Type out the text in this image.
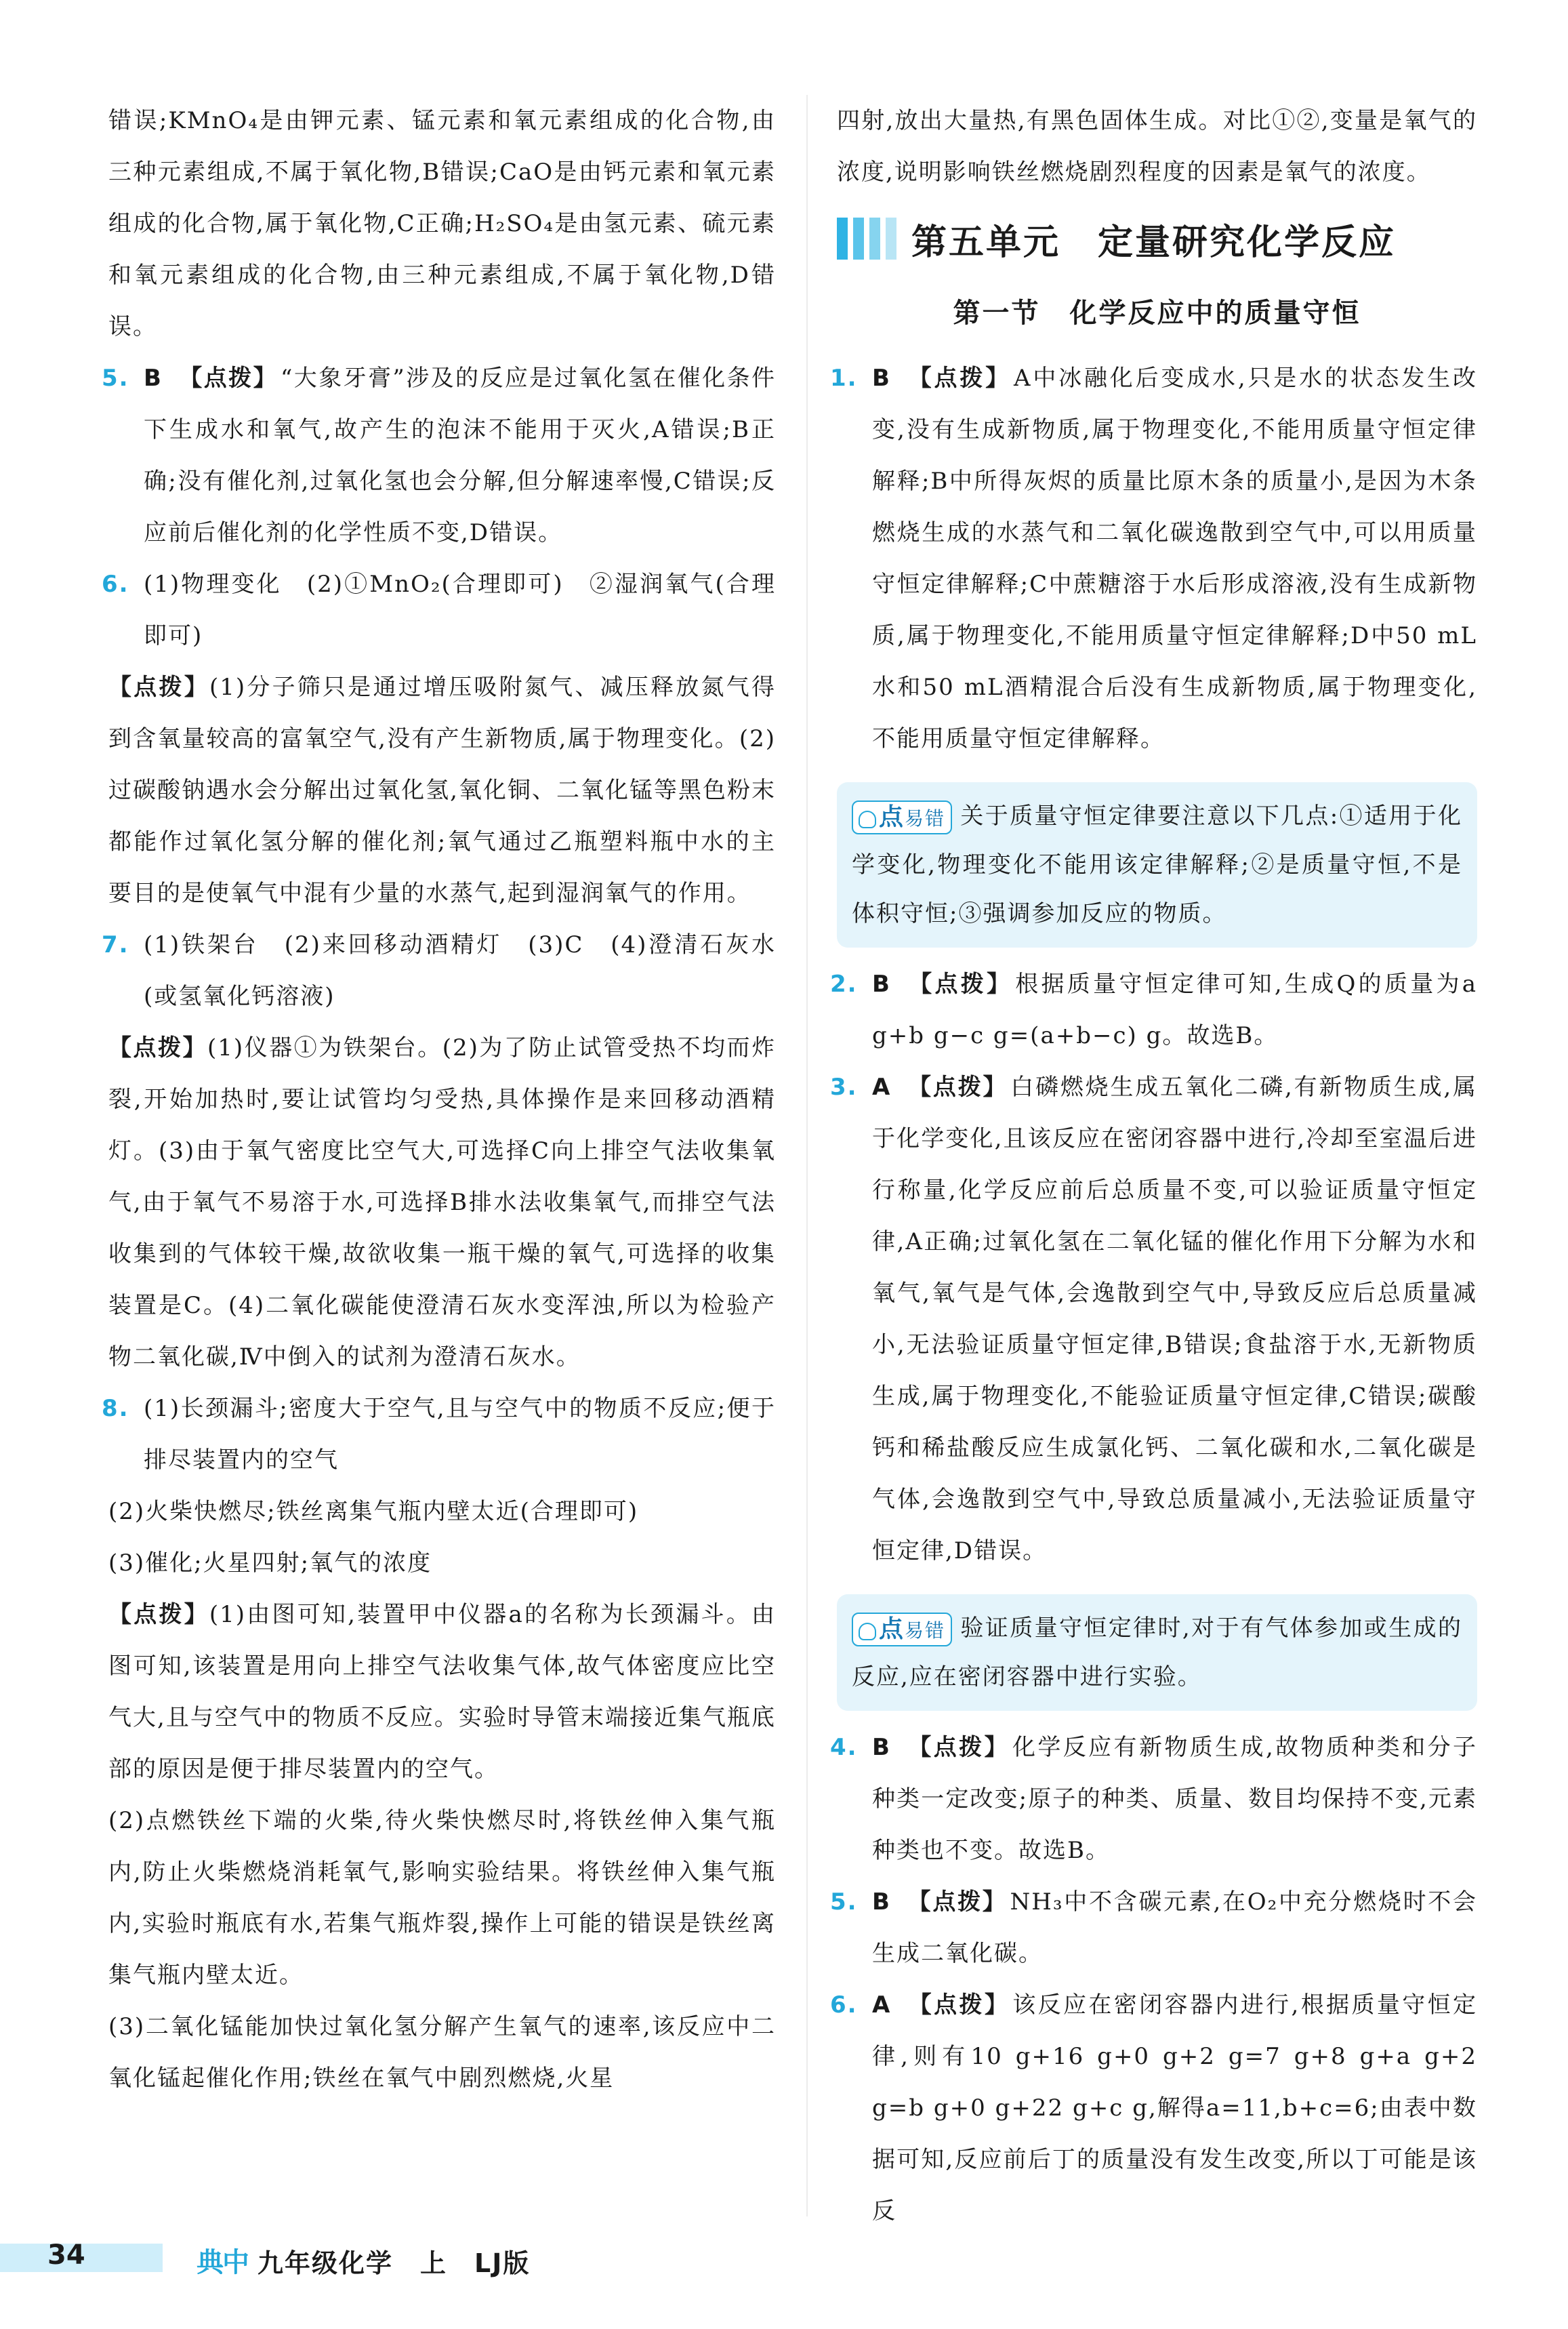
错误;KMnO₄是由钾元素、锰元素和氧元素组成的化合物,由三种元素组成,不属于氧化物,B错误;CaO是由钙元素和氧元素组成的化合物,属于氧化物,C正确;H₂SO₄是由氢元素、硫元素和氧元素组成的化合物,由三种元素组成,不属于氧化物,D错误。

5. B 【点拨】 “大象牙膏”涉及的反应是过氧化氢在催化条件下生成水和氧气,故产生的泡沫不能用于灭火,A错误;B正确;没有催化剂,过氧化氢也会分解,但分解速率慢,C错误;反应前后催化剂的化学性质不变,D错误。
6. (1)物理变化　(2)①MnO₂(合理即可)　②湿润氧气(合理即可)

【点拨】(1)分子筛只是通过增压吸附氮气、减压释放氮气得到含氧量较高的富氧空气,没有产生新物质,属于物理变化。(2)过碳酸钠遇水会分解出过氧化氢,氧化铜、二氧化锰等黑色粉末都能作过氧化氢分解的催化剂;氧气通过乙瓶塑料瓶中水的主要目的是使氧气中混有少量的水蒸气,起到湿润氧气的作用。

7. (1)铁架台　(2)来回移动酒精灯　(3)C　(4)澄清石灰水(或氢氧化钙溶液)

【点拨】(1)仪器①为铁架台。(2)为了防止试管受热不均而炸裂,开始加热时,要让试管均匀受热,具体操作是来回移动酒精灯。(3)由于氧气密度比空气大,可选择C向上排空气法收集氧气,由于氧气不易溶于水,可选择B排水法收集氧气,而排空气法收集到的气体较干燥,故欲收集一瓶干燥的氧气,可选择的收集装置是C。(4)二氧化碳能使澄清石灰水变浑浊,所以为检验产物二氧化碳,Ⅳ中倒入的试剂为澄清石灰水。

8. (1)长颈漏斗;密度大于空气,且与空气中的物质不反应;便于排尽装置内的空气

(2)火柴快燃尽;铁丝离集气瓶内壁太近(合理即可)

(3)催化;火星四射;氧气的浓度

【点拨】(1)由图可知,装置甲中仪器a的名称为长颈漏斗。由图可知,该装置是用向上排空气法收集气体,故气体密度应比空气大,且与空气中的物质不反应。实验时导管末端接近集气瓶底部的原因是便于排尽装置内的空气。

(2)点燃铁丝下端的火柴,待火柴快燃尽时,将铁丝伸入集气瓶内,防止火柴燃烧消耗氧气,影响实验结果。将铁丝伸入集气瓶内,实验时瓶底有水,若集气瓶炸裂,操作上可能的错误是铁丝离集气瓶内壁太近。

(3)二氧化锰能加快过氧化氢分解产生氧气的速率,该反应中二氧化锰起催化作用;铁丝在氧气中剧烈燃烧,火星

四射,放出大量热,有黑色固体生成。对比①②,变量是氧气的浓度,说明影响铁丝燃烧剧烈程度的因素是氧气的浓度。

第五单元　定量研究化学反应

第一节　化学反应中的质量守恒

1. B 【点拨】 A中冰融化后变成水,只是水的状态发生改变,没有生成新物质,属于物理变化,不能用质量守恒定律解释;B中所得灰烬的质量比原木条的质量小,是因为木条燃烧生成的水蒸气和二氧化碳逸散到空气中,可以用质量守恒定律解释;C中蔗糖溶于水后形成溶液,没有生成新物质,属于物理变化,不能用质量守恒定律解释;D中50 mL水和50 mL酒精混合后没有生成新物质,属于物理变化,不能用质量守恒定律解释。

点易错 关于质量守恒定律要注意以下几点:①适用于化学变化,物理变化不能用该定律解释;②是质量守恒,不是体积守恒;③强调参加反应的物质。

2. B 【点拨】 根据质量守恒定律可知,生成Q的质量为a g+b g−c g=(a+b−c) g。故选B。
3. A 【点拨】 白磷燃烧生成五氧化二磷,有新物质生成,属于化学变化,且该反应在密闭容器中进行,冷却至室温后进行称量,化学反应前后总质量不变,可以验证质量守恒定律,A正确;过氧化氢在二氧化锰的催化作用下分解为水和氧气,氧气是气体,会逸散到空气中,导致反应后总质量减小,无法验证质量守恒定律,B错误;食盐溶于水,无新物质生成,属于物理变化,不能验证质量守恒定律,C错误;碳酸钙和稀盐酸反应生成氯化钙、二氧化碳和水,二氧化碳是气体,会逸散到空气中,导致总质量减小,无法验证质量守恒定律,D错误。

点易错 验证质量守恒定律时,对于有气体参加或生成的反应,应在密闭容器中进行实验。

4. B 【点拨】 化学反应有新物质生成,故物质种类和分子种类一定改变;原子的种类、质量、数目均保持不变,元素种类也不变。故选B。
5. B 【点拨】 NH₃中不含碳元素,在O₂中充分燃烧时不会生成二氧化碳。
6. A 【点拨】 该反应在密闭容器内进行,根据质量守恒定律,则有10 g+16 g+0 g+2 g=7 g+8 g+a g+2 g=b g+0 g+22 g+c g,解得a=11,b+c=6;由表中数据可知,反应前后丁的质量没有发生改变,所以丁可能是该反
34	典中 九年级化学　上　LJ版
